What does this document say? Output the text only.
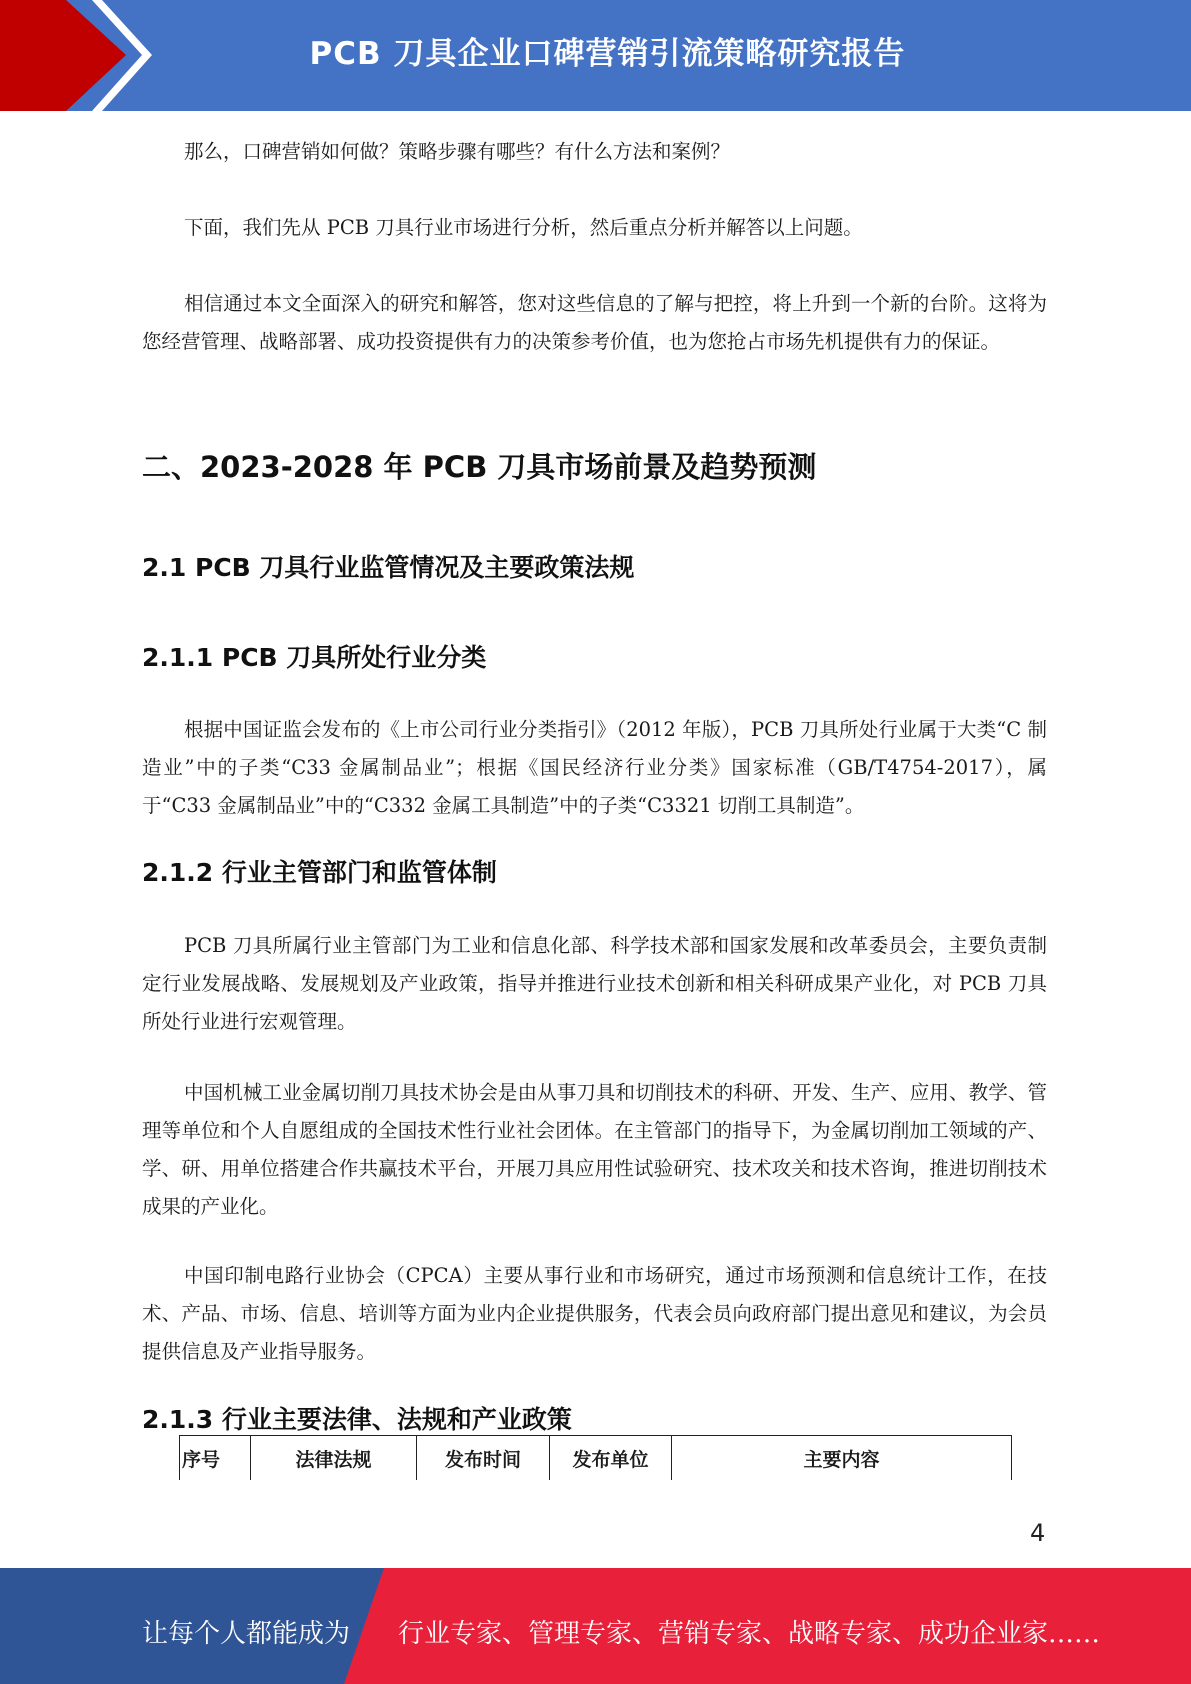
PCB 刀具企业口碑营销引流策略研究报告

那么，口碑营销如何做？策略步骤有哪些？有什么方法和案例？

下面，我们先从 PCB 刀具行业市场进行分析，然后重点分析并解答以上问题。

相信通过本文全面深入的研究和解答，您对这些信息的了解与把控，将上升到一个新的台阶。这将为您经营管理、战略部署、成功投资提供有力的决策参考价值，也为您抢占市场先机提供有力的保证。

二、2023-2028 年 PCB 刀具市场前景及趋势预测
2.1 PCB 刀具行业监管情况及主要政策法规
2.1.1 PCB 刀具所处行业分类

根据中国证监会发布的《上市公司行业分类指引》（2012 年版），PCB 刀具所处行业属于大类“C 制造业”中的子类“C33 金属制品业”；根据《国民经济行业分类》国家标准（GB/T4754-2017），属于“C33 金属制品业”中的“C332 金属工具制造”中的子类“C3321 切削工具制造”。

2.1.2 行业主管部门和监管体制

PCB 刀具所属行业主管部门为工业和信息化部、科学技术部和国家发展和改革委员会，主要负责制定行业发展战略、发展规划及产业政策，指导并推进行业技术创新和相关科研成果产业化，对 PCB 刀具所处行业进行宏观管理。

中国机械工业金属切削刀具技术协会是由从事刀具和切削技术的科研、开发、生产、应用、教学、管理等单位和个人自愿组成的全国技术性行业社会团体。在主管部门的指导下，为金属切削加工领域的产、学、研、用单位搭建合作共赢技术平台，开展刀具应用性试验研究、技术攻关和技术咨询，推进切削技术成果的产业化。

中国印制电路行业协会（CPCA）主要从事行业和市场研究，通过市场预测和信息统计工作，在技术、产品、市场、信息、培训等方面为业内企业提供服务，代表会员向政府部门提出意见和建议，为会员提供信息及产业指导服务。

2.1.3 行业主要法律、法规和产业政策
序号	法律法规	发布时间	发布单位	主要内容
4
让每个人都能成为 行业专家、管理专家、营销专家、战略专家、成功企业家……
